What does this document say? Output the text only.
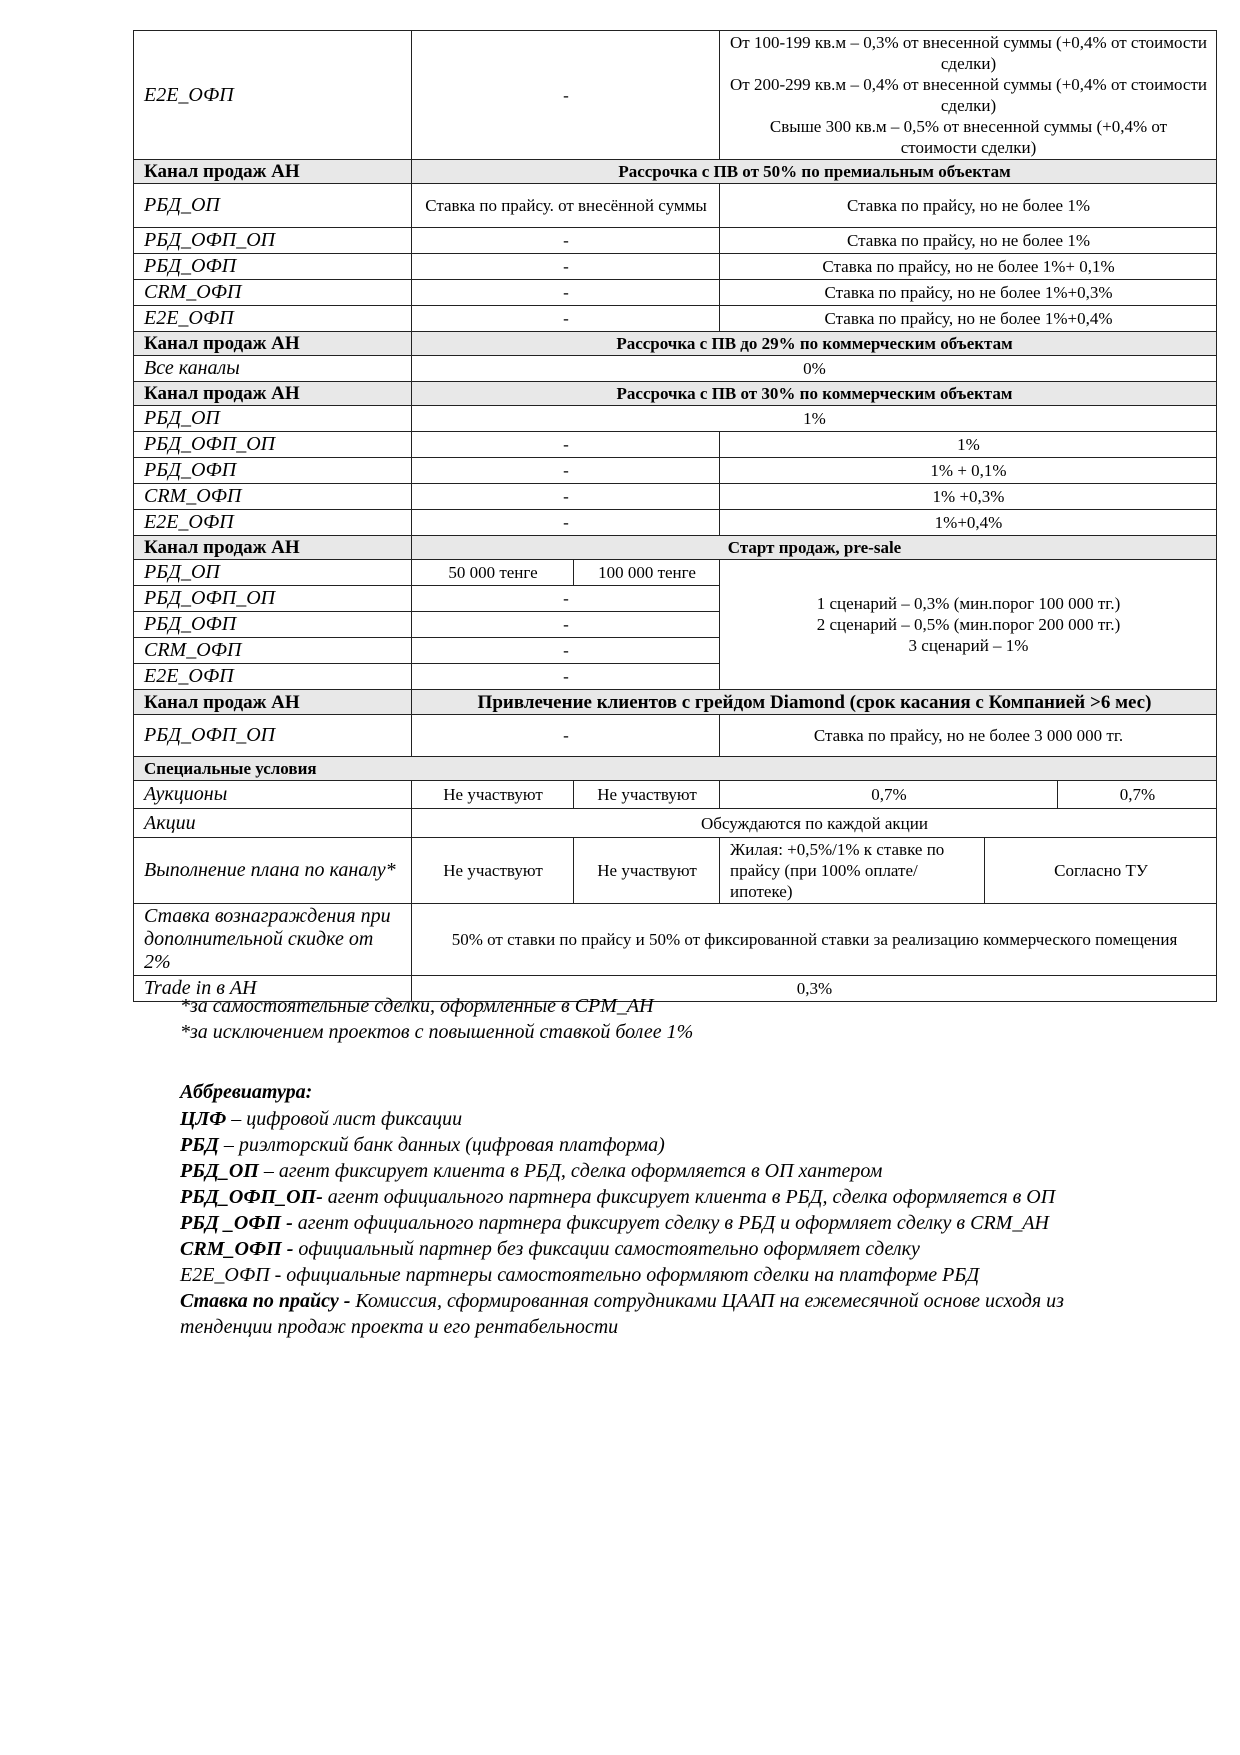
E2E_ОФП	-		От 100-199 кв.м – 0,3% от внесенной суммы (+0,4% от стоимости сделки)
От 200-299 кв.м – 0,4% от внесенной суммы (+0,4% от стоимости сделки)
Свыше 300 кв.м – 0,5% от внесенной суммы (+0,4% от стоимости сделки)		

Канал продаж АН	Рассрочка с ПВ от 50% по премиальным объектам				
РБД_ОП	Ставка по прайсу. от внесённой суммы		Ставка по прайсу, но не более 1%		
РБД_ОФП_ОП	-		Ставка по прайсу, но не более 1%		
РБД_ОФП	-		Ставка по прайсу, но не более 1%+ 0,1%		
CRM_ОФП	-		Ставка по прайсу, но не более 1%+0,3%		
E2E_ОФП	-		Ставка по прайсу, но не более 1%+0,4%		
Канал продаж АН	Рассрочка с ПВ до 29% по коммерческим объектам				
Все каналы	0%				
Канал продаж АН	Рассрочка с ПВ от 30% по коммерческим объектам				
РБД_ОП	1%				
РБД_ОФП_ОП	-		1%		
РБД_ОФП	-		1% + 0,1%		
CRM_ОФП	-		1% +0,3%		
E2E_ОФП	-		1%+0,4%		
Канал продаж АН	Старт продаж, pre-sale				
РБД_ОП	50 000 тенге	100 000 тенге	1 сценарий – 0,3% (мин.порог 100 000 тг.)
2 сценарий – 0,5% (мин.порог 200 000 тг.)
3 сценарий – 1%		

РБД_ОФП_ОП	-				
РБД_ОФП	-				
CRM_ОФП	-				
E2E_ОФП	-				
Канал продаж АН	Привлечение клиентов с грейдом Diamond (срок касания с Компанией >6 мес)				
РБД_ОФП_ОП	-		Ставка по прайсу, но не более 3 000 000 тг.		
Специальные условия					
Аукционы	Не участвуют	Не участвуют	0,7%		0,7%
Акции	Обсуждаются по каждой акции				
Выполнение плана по каналу*	Не участвуют	Не участвуют	Жилая: +0,5%/1% к ставке по прайсу (при 100% оплате/ипотеке)	Согласно ТУ	
Ставка вознаграждения при дополнительной скидке от 2%	50% от ставки по прайсу и 50% от фиксированной ставки за реализацию коммерческого помещения				
Trade in в АН	0,3%				

*за самостоятельные сделки, оформленные в CPM_АН

*за исключением проектов с повышенной ставкой более 1%

Аббревиатура:

ЦЛФ – цифровой лист фиксации

РБД – риэлторский банк данных (цифровая платформа)

РБД_ОП – агент фиксирует клиента в РБД, сделка оформляется в ОП хантером

РБД_ОФП_ОП- агент официального партнера фиксирует клиента в РБД, сделка оформляется в ОП

РБД _ОФП - агент официального партнера фиксирует сделку в РБД и оформляет сделку в CRM_АН

CRM_ОФП - официальный партнер без фиксации самостоятельно оформляет сделку

E2E_ОФП - официальные партнеры самостоятельно оформляют сделки на платформе РБД

Ставка по прайсу - Комиссия, сформированная сотрудниками ЦААП на ежемесячной основе исходя из тенденции продаж проекта и его рентабельности
